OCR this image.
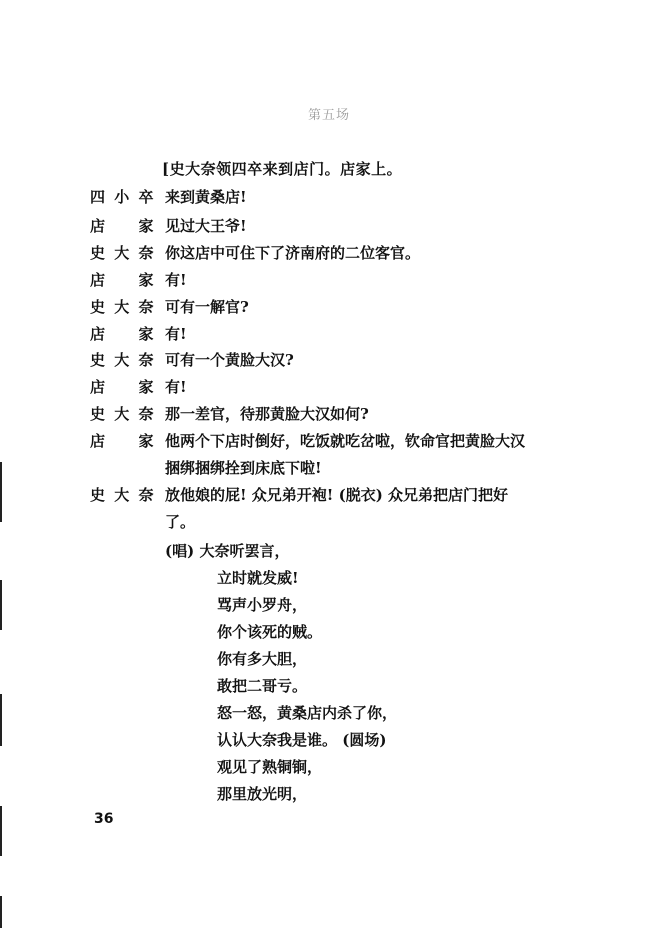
第五场
[史大奈领四卒来到店门。店家上。
四小卒 来到黄桑店!
店家 见过大王爷!
史大奈 你这店中可住下了济南府的二位客官。
店家 有!
史大奈 可有一解官?
店家 有!
史大奈 可有一个黄脸大汉?
店家 有!
史大奈 那一差官，待那黄脸大汉如何?
店家 他两个下店时倒好，吃饭就吃岔啦，钦命官把黄脸大汉
捆绑捆绑拴到床底下啦!
史大奈 放他娘的屁! 众兄弟开袍! (脱衣) 众兄弟把店门把好
了。
(唱) 大奈听罢言，
立时就发威!
骂声小罗舟，
你个该死的贼。
你有多大胆，
敢把二哥亏。
怒一怒，黄桑店内杀了你，
认认大奈我是谁。 (圆场)
观见了熟铜锏，
那里放光明，
36
